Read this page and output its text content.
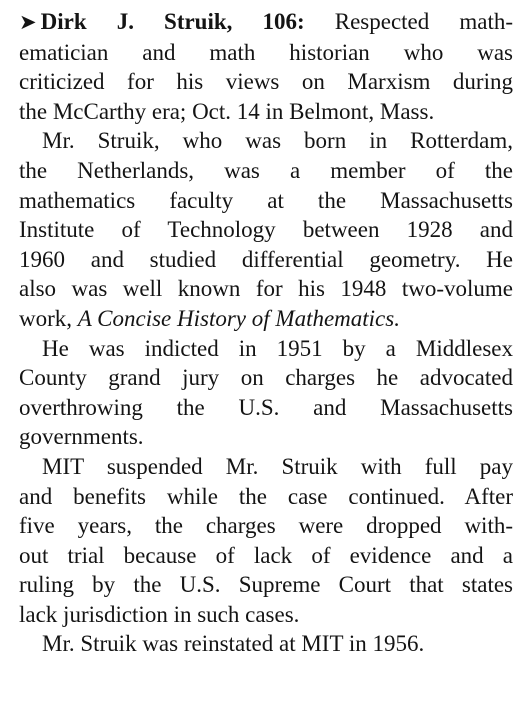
➤ Dirk J. Struik, 106: Respected math-
ematician and math historian who was
criticized for his views on Marxism during
the McCarthy era; Oct. 14 in Belmont, Mass.

Mr. Struik, who was born in Rotterdam,
the Netherlands, was a member of the
mathematics faculty at the Massachusetts
Institute of Technology between 1928 and
1960 and studied differential geometry. He
also was well known for his 1948 two-volume
work, A Concise History of Mathematics.

He was indicted in 1951 by a Middlesex
County grand jury on charges he advocated
overthrowing the U.S. and Massachusetts
governments.

MIT suspended Mr. Struik with full pay
and benefits while the case continued. After
five years, the charges were dropped with-
out trial because of lack of evidence and a
ruling by the U.S. Supreme Court that states
lack jurisdiction in such cases.

Mr. Struik was reinstated at MIT in 1956.
